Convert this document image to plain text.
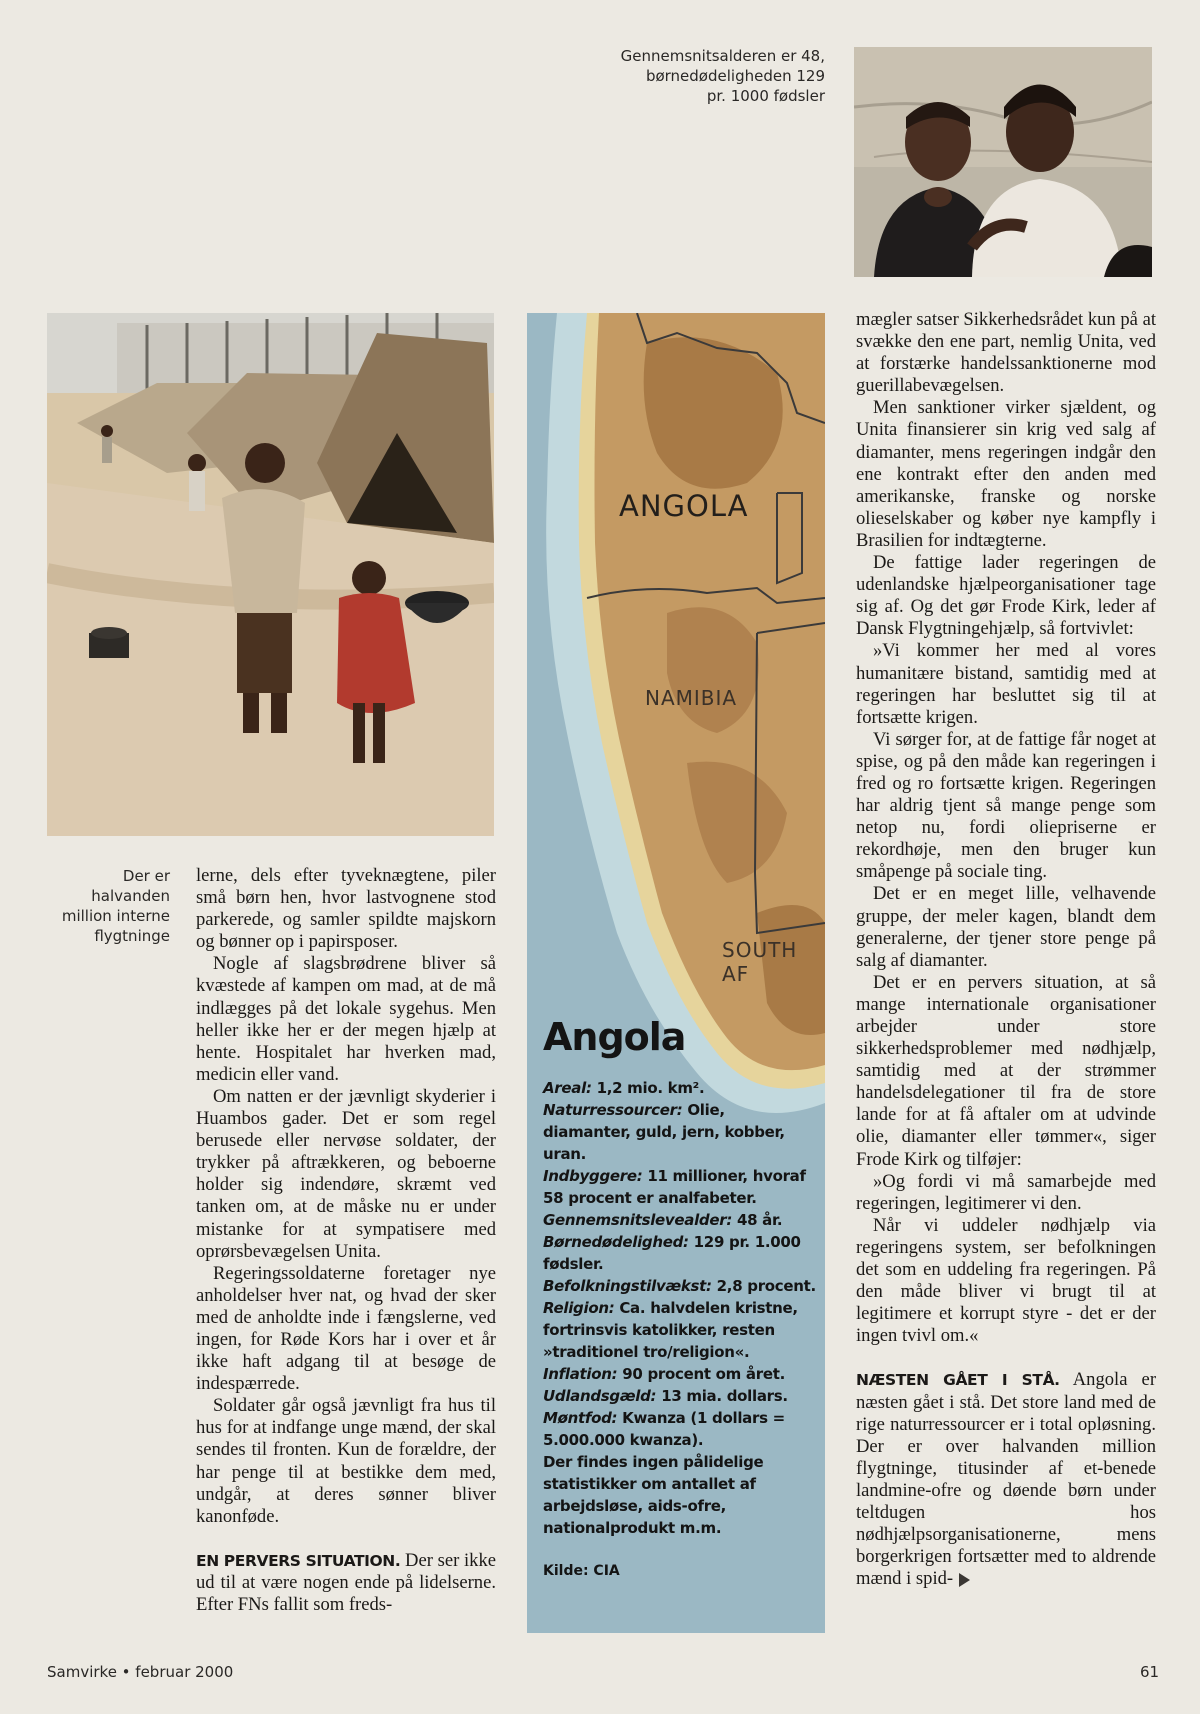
Gennemsnitsalderen er 48,
børnedødeligheden 129
pr. 1000 fødsler
Der er halvanden
million interne
flygtninge

lerne, dels efter tyveknægtene, piler små børn hen, hvor lastvognene stod parkerede, og samler spildte majskorn og bønner op i papirsposer.

Nogle af slagsbrødrene bliver så kvæstede af kampen om mad, at de må indlægges på det lokale sygehus. Men heller ikke her er der megen hjælp at hente. Hospitalet har hverken mad, medicin eller vand.

Om natten er der jævnligt skyderier i Huambos gader. Det er som regel berusede eller nervøse soldater, der trykker på aftrækkeren, og beboerne holder sig indendøre, skræmt ved tanken om, at de måske nu er under mistanke for at sympatisere med oprørsbevægelsen Unita.

Regeringssoldaterne foretager nye anholdelser hver nat, og hvad der sker med de anholdte inde i fængslerne, ved ingen, for Røde Kors har i over et år ikke haft adgang til at besøge de indespærrede.

Soldater går også jævnligt fra hus til hus for at indfange unge mænd, der skal sendes til fronten. Kun de forældre, der har penge til at bestikke dem med, undgår, at deres sønner bliver kanonføde.

EN PERVERS SITUATION. Der ser ikke ud til at være nogen ende på lidelserne. Efter FNs fallit som freds-

ANGOLA
NAMIBIA
SOUTH AF
Angola
Areal: 1,2 mio. km².
Naturressourcer: Olie, diamanter, guld, jern, kobber, uran.
Indbyggere: 11 millioner, hvoraf 58 procent er analfabeter.
Gennemsnitslevealder: 48 år.
Børnedødelighed: 129 pr. 1.000 fødsler.
Befolkningstilvækst: 2,8 procent.
Religion: Ca. halvdelen kristne, fortrinsvis katolikker, resten »traditionel tro/religion«.
Inflation: 90 procent om året.
Udlandsgæld: 13 mia. dollars.
Møntfod: Kwanza (1 dollars = 5.000.000 kwanza).
Der findes ingen pålidelige statistikker om antallet af arbejdsløse, aids-ofre, nationalprodukt m.m.
Kilde: CIA

mægler satser Sikkerhedsrådet kun på at svække den ene part, nemlig Unita, ved at forstærke handelssanktionerne mod guerillabevægelsen.

Men sanktioner virker sjældent, og Unita finansierer sin krig ved salg af diamanter, mens regeringen indgår den ene kontrakt efter den anden med amerikanske, franske og norske olieselskaber og køber nye kampfly i Brasilien for indtægterne.

De fattige lader regeringen de udenlandske hjælpeorganisationer tage sig af. Og det gør Frode Kirk, leder af Dansk Flygtningehjælp, så fortvivlet:

»Vi kommer her med al vores humanitære bistand, samtidig med at regeringen har besluttet sig til at fortsætte krigen.

Vi sørger for, at de fattige får noget at spise, og på den måde kan regeringen i fred og ro fortsætte krigen. Regeringen har aldrig tjent så mange penge som netop nu, fordi oliepriserne er rekordhøje, men den bruger kun småpenge på sociale ting.

Det er en meget lille, velhavende gruppe, der meler kagen, blandt dem generalerne, der tjener store penge på salg af diamanter.

Det er en pervers situation, at så mange internationale organisationer arbejder under store sikkerhedsproblemer med nødhjælp, samtidig med at der strømmer handelsdelegationer til fra de store lande for at få aftaler om at udvinde olie, diamanter eller tømmer«, siger Frode Kirk og tilføjer:

»Og fordi vi må samarbejde med regeringen, legitimerer vi den.

Når vi uddeler nødhjælp via regeringens system, ser befolkningen det som en uddeling fra regeringen. På den måde bliver vi brugt til at legitimere et korrupt styre - det er der ingen tvivl om.«

NÆSTEN GÅET I STÅ. Angola er næsten gået i stå. Det store land med de rige naturressourcer er i total opløsning. Der er over halvanden million flygtninge, titusinder af et-benede landmine-ofre og døende børn under teltdugen hos nødhjælpsorganisationerne, mens borgerkrigen fortsætter med to aldrende mænd i spid-

Samvirke • februar 2000	61
